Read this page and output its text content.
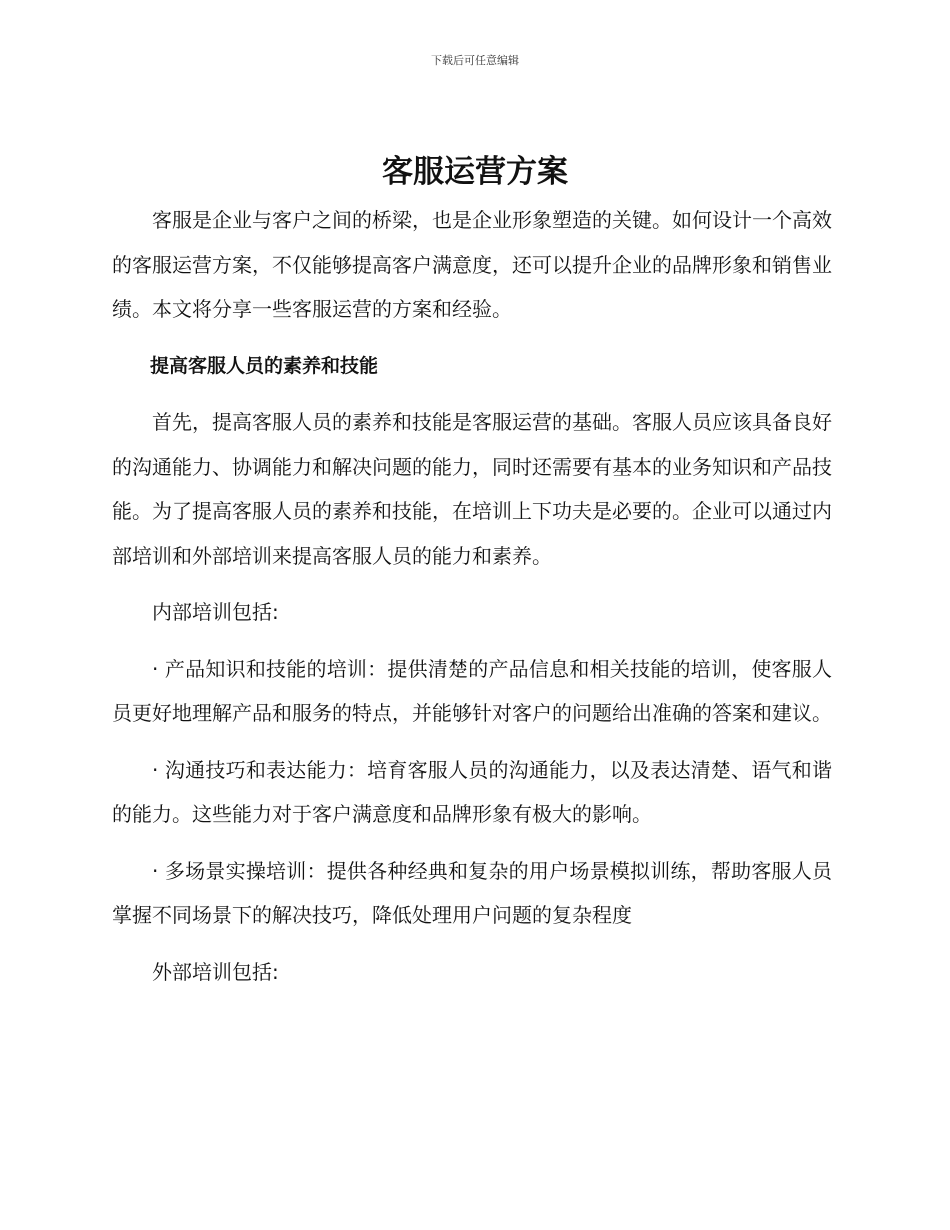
下载后可任意编辑
客服运营方案

客服是企业与客户之间的桥梁，也是企业形象塑造的关键。如何设计一个高效的客服运营方案，不仅能够提高客户满意度，还可以提升企业的品牌形象和销售业绩。本文将分享一些客服运营的方案和经验。

提高客服人员的素养和技能

首先，提高客服人员的素养和技能是客服运营的基础。客服人员应该具备良好的沟通能力、协调能力和解决问题的能力，同时还需要有基本的业务知识和产品技能。为了提高客服人员的素养和技能，在培训上下功夫是必要的。企业可以通过内部培训和外部培训来提高客服人员的能力和素养。

内部培训包括:

· 产品知识和技能的培训：提供清楚的产品信息和相关技能的培训，使客服人员更好地理解产品和服务的特点，并能够针对客户的问题给出准确的答案和建议。

· 沟通技巧和表达能力：培育客服人员的沟通能力，以及表达清楚、语气和谐的能力。这些能力对于客户满意度和品牌形象有极大的影响。

· 多场景实操培训：提供各种经典和复杂的用户场景模拟训练，帮助客服人员掌握不同场景下的解决技巧，降低处理用户问题的复杂程度

外部培训包括:
